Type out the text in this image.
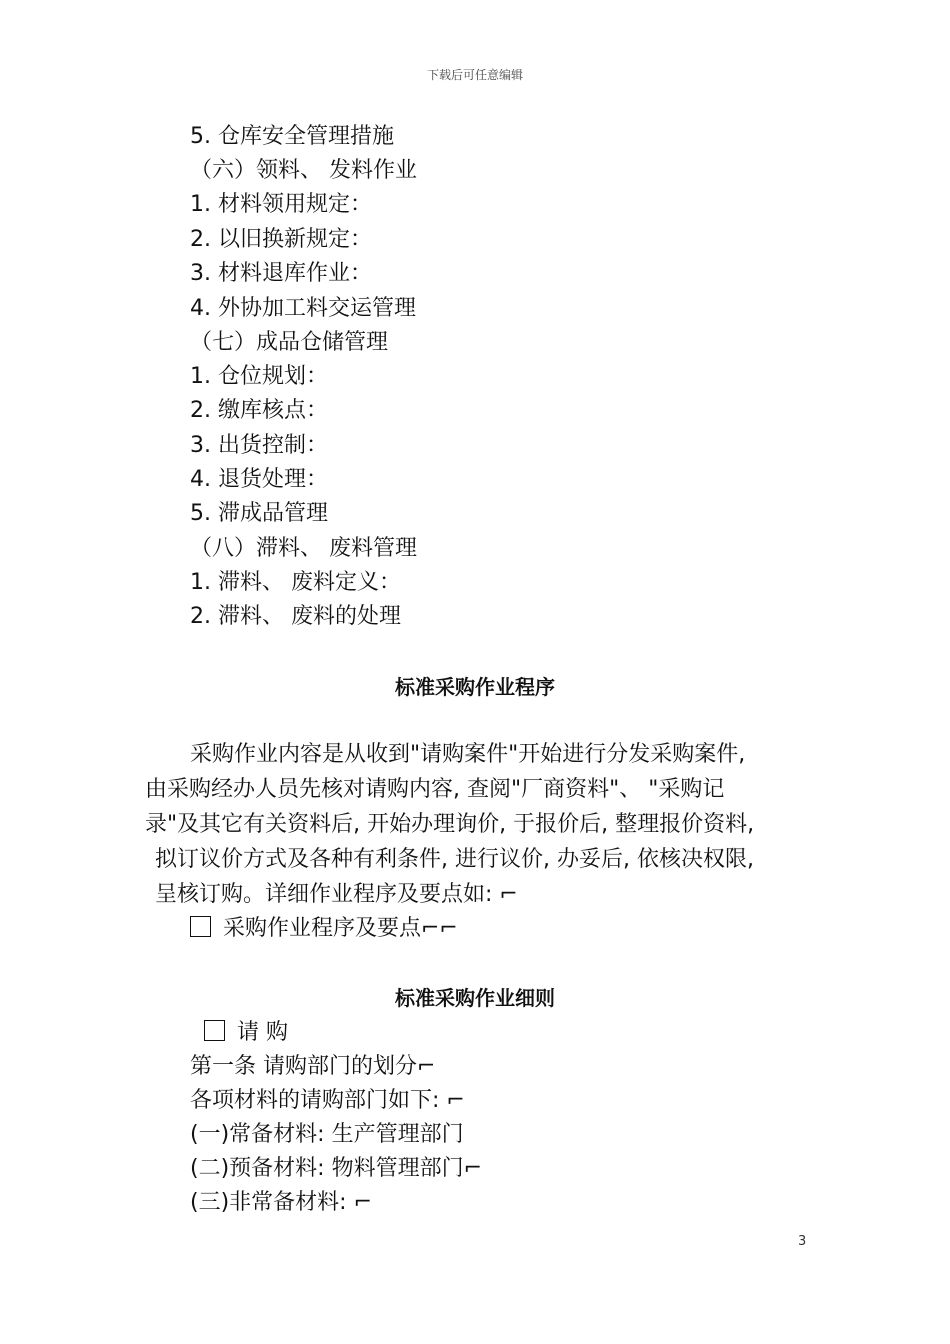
下载后可任意编辑
5. 仓库安全管理措施
（六）领料、 发料作业
1. 材料领用规定：
2. 以旧换新规定：
3. 材料退库作业：
4. 外协加工料交运管理
（七）成品仓储管理
1. 仓位规划：
2. 缴库核点：
3. 出货控制：
4. 退货处理：
5. 滞成品管理
（八）滞料、 废料管理
1. 滞料、 废料定义：
2. 滞料、 废料的处理
标准采购作业程序
采购作业内容是从收到"请购案件"开始进行分发采购案件,
由采购经办人员先核对请购内容, 查阅"厂商资料"、 "采购记
录"及其它有关资料后, 开始办理询价, 于报价后, 整理报价资料,
拟订议价方式及各种有利条件, 进行议价, 办妥后, 依核决权限,
呈核订购。详细作业程序及要点如: ⌐
采购作业程序及要点⌐⌐
标准采购作业细则
请 购
第一条 请购部门的划分⌐
各项材料的请购部门如下: ⌐
(一)常备材料: 生产管理部门
(二)预备材料: 物料管理部门⌐
(三)非常备材料: ⌐
3
